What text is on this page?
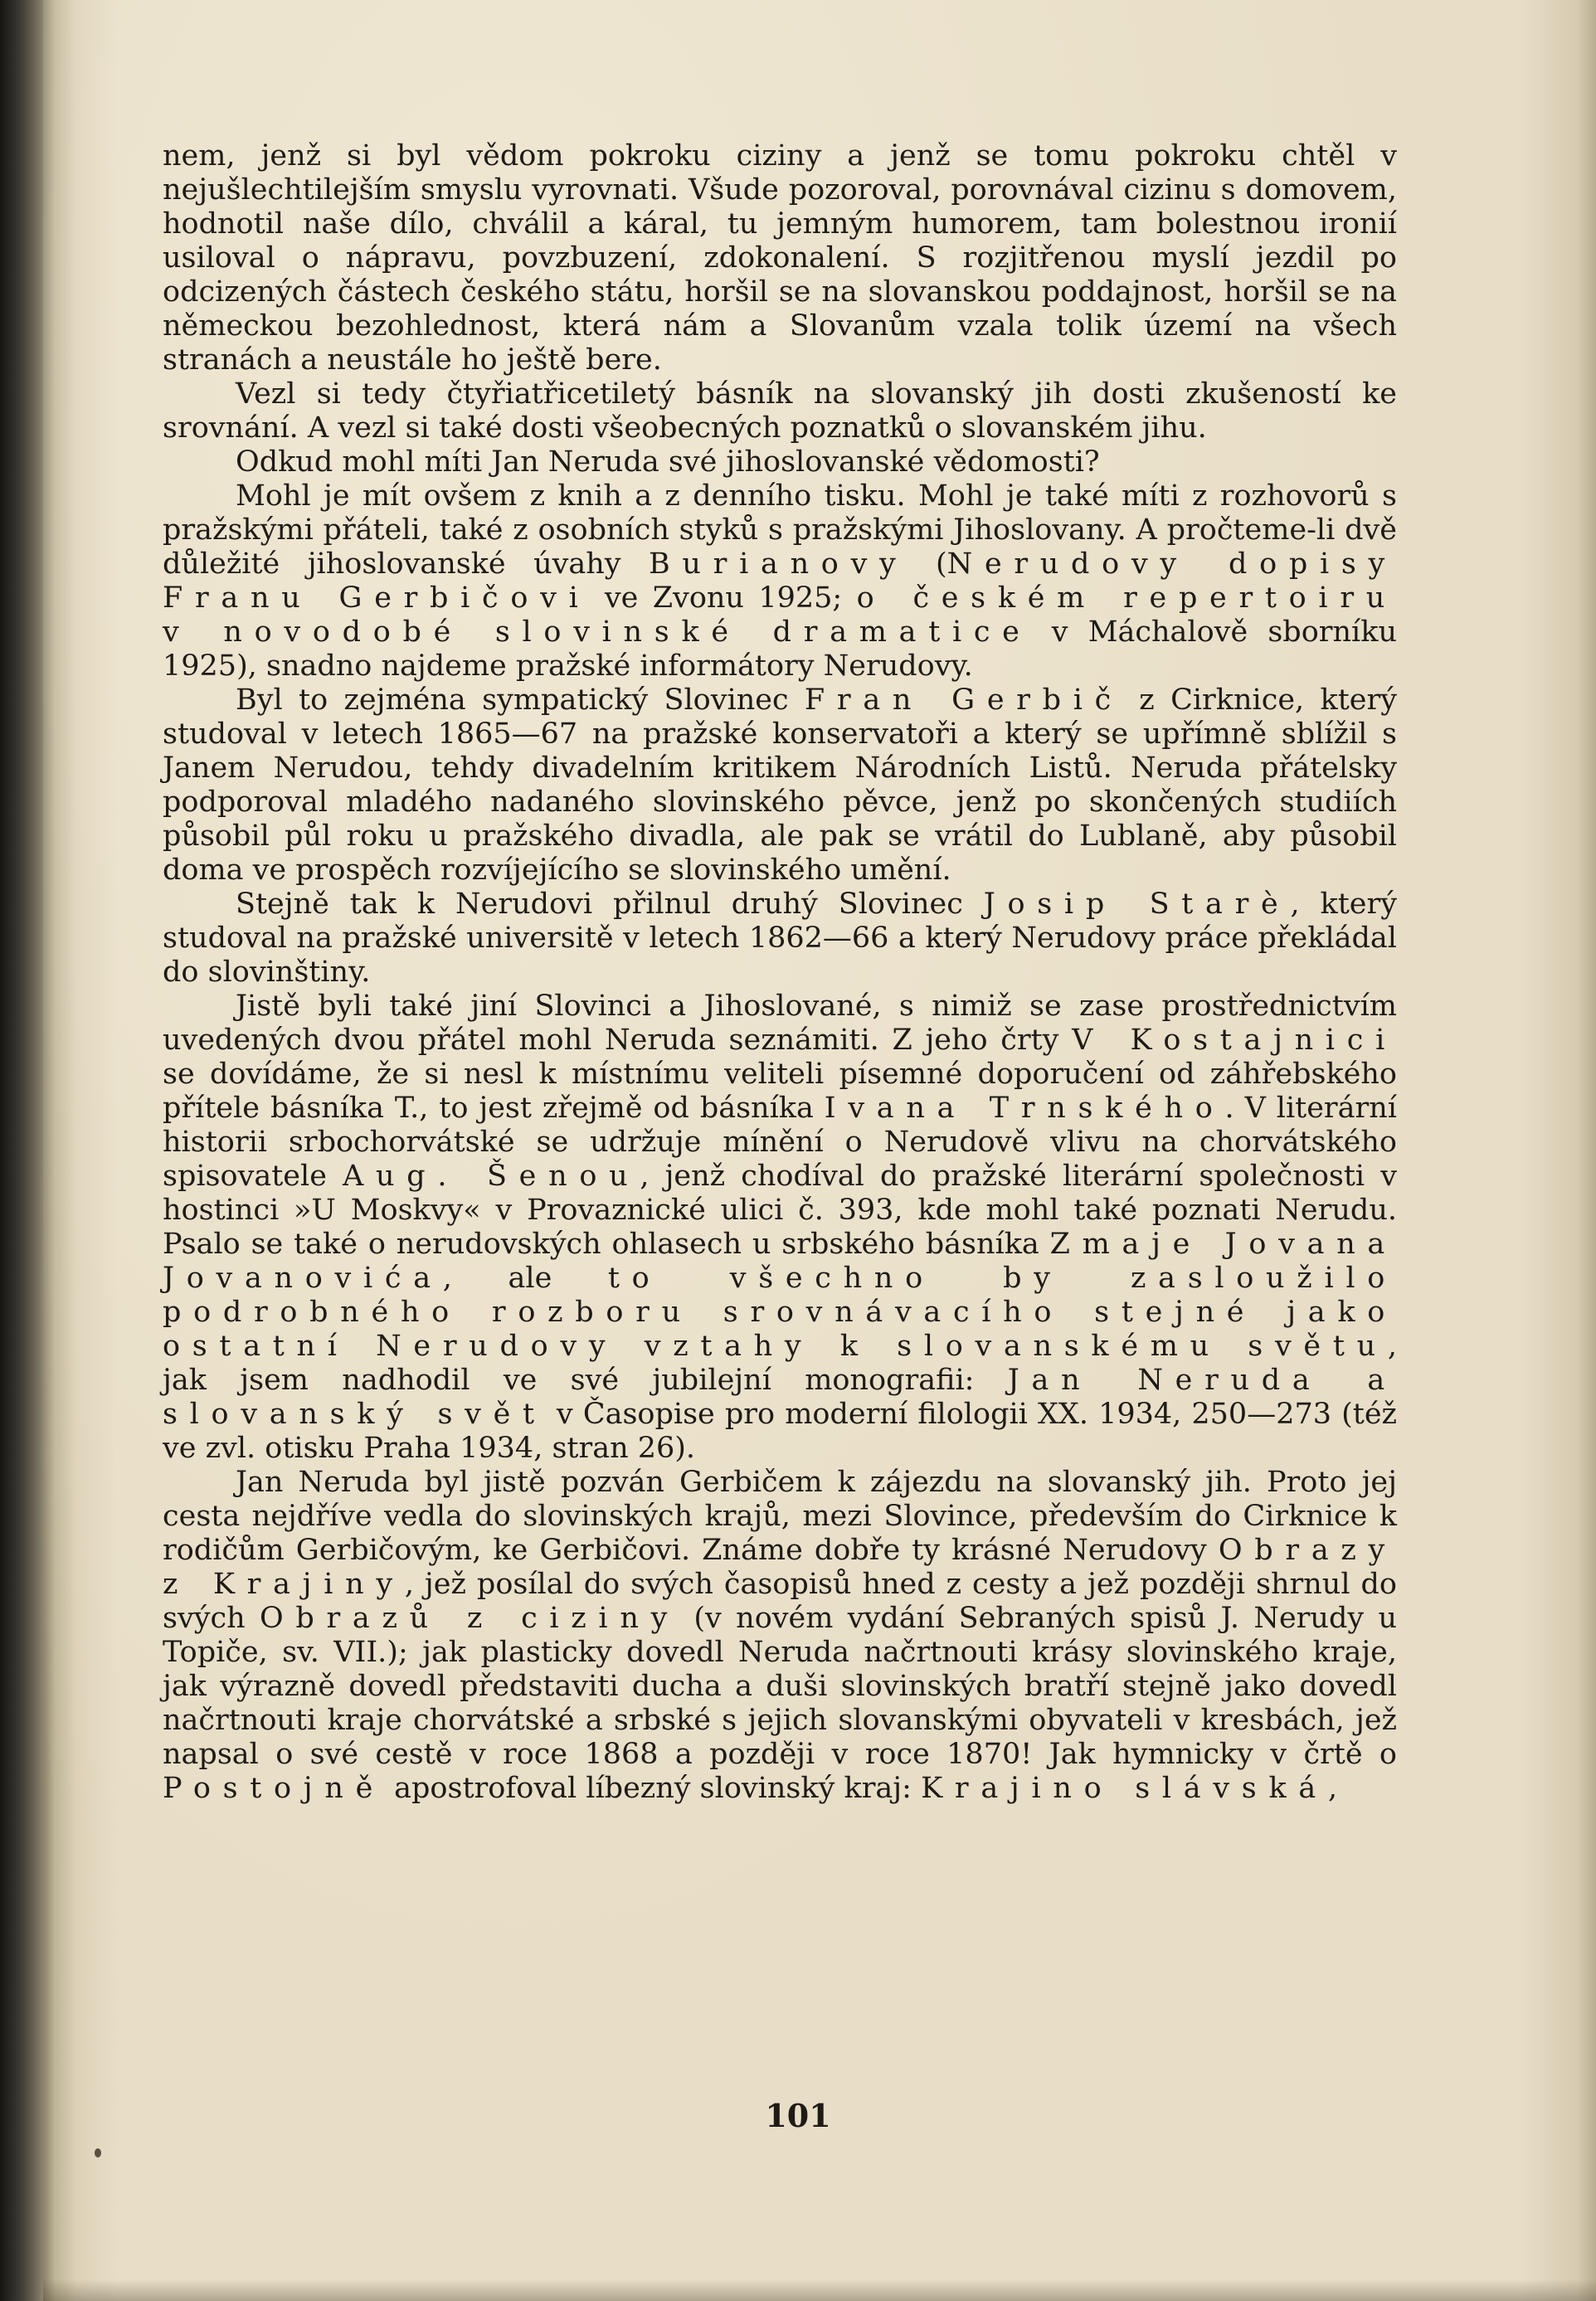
nem, jenž si byl vědom pokroku ciziny a jenž se tomu pokroku chtěl v nejušlechtilejším smyslu vyrovnati. Všude pozoroval, porovnával cizinu s domovem, hodnotil naše dílo, chválil a káral, tu jemným humorem, tam bolestnou ironií usiloval o nápravu, povzbuzení, zdokonalení. S rozjitřenou myslí jezdil po odcizených částech českého státu, horšil se na slovanskou poddajnost, horšil se na německou bezohlednost, která nám a Slovanům vzala tolik území na všech stranách a neustále ho ještě bere.

Vezl si tedy čtyřiatřicetiletý básník na slovanský jih dosti zkušeností ke srovnání. A vezl si také dosti všeobecných poznatků o slovanském jihu.

Odkud mohl míti Jan Neruda své jihoslovanské vědomosti?

Mohl je mít ovšem z knih a z denního tisku. Mohl je také míti z rozhovorů s pražskými přáteli, také z osobních styků s pražskými Jihoslovany. A pročteme-li dvě důležité jihoslovanské úvahy Burianovy (Nerudovy dopisy Franu Gerbičovi ve Zvonu 1925; o českém repertoiru v novodobé slovinské dramatice v Máchalově sborníku 1925), snadno najdeme pražské informátory Nerudovy.

Byl to zejména sympatický Slovinec Fran Gerbič z Cirknice, který studoval v letech 1865—67 na pražské konservatoři a který se upřímně sblížil s Janem Nerudou, tehdy divadelním kritikem Národních Listů. Neruda přátelsky podporoval mladého nadaného slovinského pěvce, jenž po skončených studiích působil půl roku u pražského divadla, ale pak se vrátil do Lublaně, aby působil doma ve prospěch rozvíjejícího se slovinského umění.

Stejně tak k Nerudovi přilnul druhý Slovinec Josip Starè, který studoval na pražské universitě v letech 1862—66 a který Nerudovy práce překládal do slovinštiny.

Jistě byli také jiní Slovinci a Jihoslované, s nimiž se zase prostřednictvím uvedených dvou přátel mohl Neruda seznámiti. Z jeho črty V Kostajnici se dovídáme, že si nesl k místnímu veliteli písemné doporučení od záhřebského přítele básníka T., to jest zřejmě od básníka Ivana Trnského. V literární historii srbochorvátské se udržuje mínění o Nerudově vlivu na chorvátského spisovatele Aug. Šenou, jenž chodíval do pražské literární společnosti v hostinci »U Moskvy« v Provaznické ulici č. 393, kde mohl také poznati Nerudu. Psalo se také o nerudovských ohlasech u srbského básníka Zmaje Jovana Jovanovića, ale to všechno by zasloužilo podrobného rozboru srovnávacího stejné jako ostatní Nerudovy vztahy k slovanskému světu, jak jsem nadhodil ve své jubilejní monografii: Jan Neruda a slovanský svět v Časopise pro moderní filologii XX. 1934, 250—273 (též ve zvl. otisku Praha 1934, stran 26).

Jan Neruda byl jistě pozván Gerbičem k zájezdu na slovanský jih. Proto jej cesta nejdříve vedla do slovinských krajů, mezi Slovince, především do Cirknice k rodičům Gerbičovým, ke Gerbičovi. Známe dobře ty krásné Nerudovy Obrazy z Krajiny, jež posílal do svých časopisů hned z cesty a jež později shrnul do svých Obrazů z ciziny (v novém vydání Sebraných spisů J. Nerudy u Topiče, sv. VII.); jak plasticky dovedl Neruda načrtnouti krásy slovinského kraje, jak výrazně dovedl představiti ducha a duši slovinských bratří stejně jako dovedl načrtnouti kraje chorvátské a srbské s jejich slovanskými obyvateli v kresbách, jež napsal o své cestě v roce 1868 a později v roce 1870! Jak hymnicky v črtě o Postojně apostrofoval líbezný slovinský kraj: Krajino slávská,

101
